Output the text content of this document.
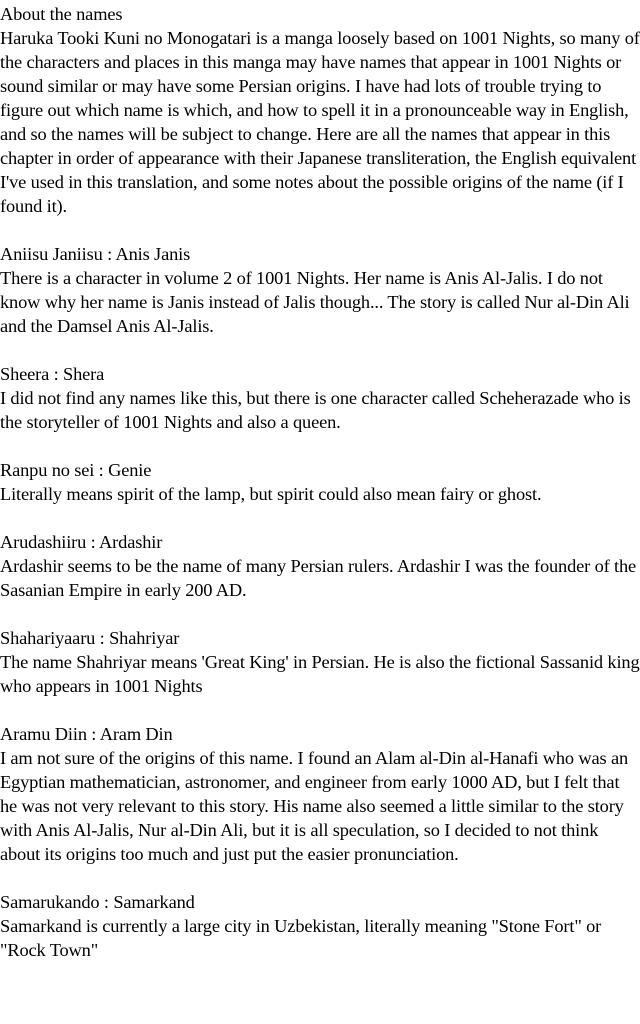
About the names

Haruka Tooki Kuni no Monogatari is a manga loosely based on 1001 Nights, so many of the characters and places in this manga may have names that appear in 1001 Nights or sound similar or may have some Persian origins. I have had lots of trouble trying to figure out which name is which, and how to spell it in a pronounceable way in English, and so the names will be subject to change. Here are all the names that appear in this chapter in order of appearance with their Japanese transliteration, the English equivalent I've used in this translation, and some notes about the possible origins of the name (if I found it).

Aniisu Janiisu : Anis Janis
There is a character in volume 2 of 1001 Nights. Her name is Anis Al-Jalis. I do not know why her name is Janis instead of Jalis though... The story is called Nur al-Din Ali and the Damsel Anis Al-Jalis.
Sheera : Shera
I did not find any names like this, but there is one character called Scheherazade who is the storyteller of 1001 Nights and also a queen.
Ranpu no sei : Genie
Literally means spirit of the lamp, but spirit could also mean fairy or ghost.
Arudashiiru : Ardashir
Ardashir seems to be the name of many Persian rulers. Ardashir I was the founder of the Sasanian Empire in early 200 AD.
Shahariyaaru : Shahriyar
The name Shahriyar means 'Great King' in Persian. He is also the fictional Sassanid king who appears in 1001 Nights
Aramu Diin : Aram Din
I am not sure of the origins of this name. I found an Alam al-Din al-Hanafi who was an Egyptian mathematician, astronomer, and engineer from early 1000 AD, but I felt that he was not very relevant to this story. His name also seemed a little similar to the story with Anis Al-Jalis, Nur al-Din Ali, but it is all speculation, so I decided to not think about its origins too much and just put the easier pronunciation.
Samarukando : Samarkand
Samarkand is currently a large city in Uzbekistan, literally meaning "Stone Fort" or "Rock Town"
